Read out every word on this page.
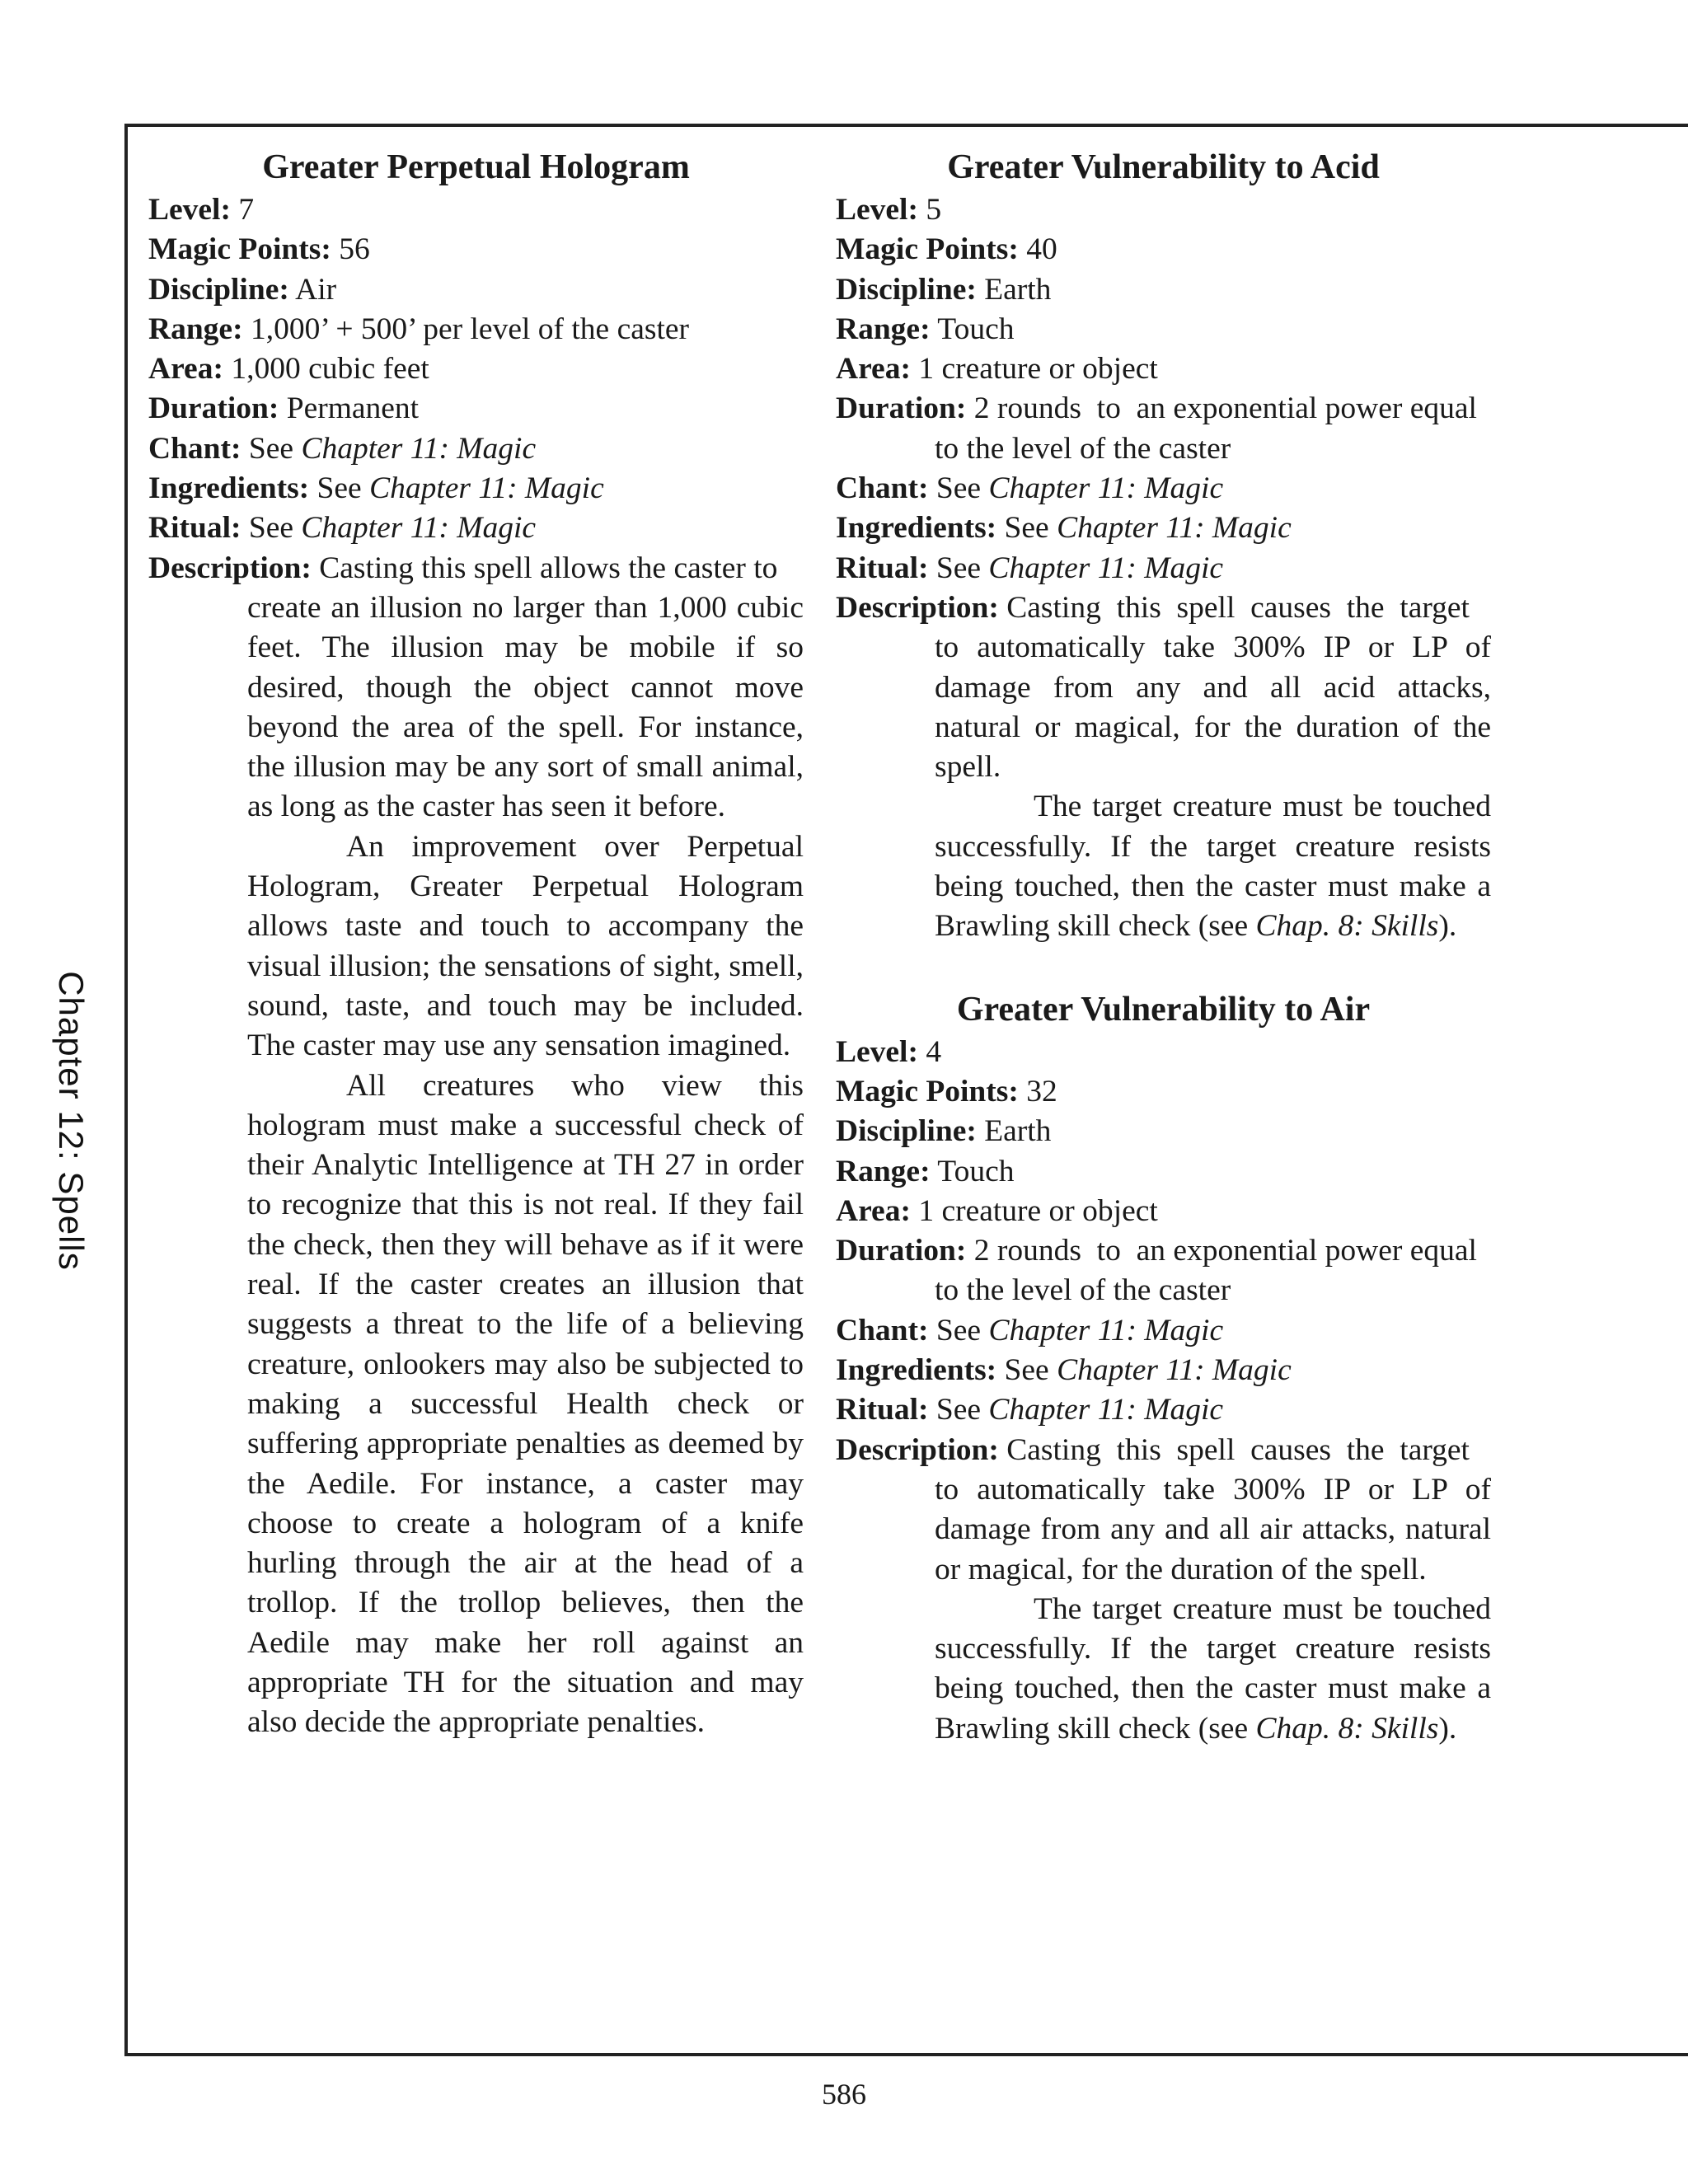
Chapter 12: Spells
Greater Perpetual Hologram

Level: 7

Magic Points: 56

Discipline: Air

Range: 1,000’ + 500’ per level of the caster

Area: 1,000 cubic feet

Duration: Permanent

Chant: See Chapter 11: Magic

Ingredients: See Chapter 11: Magic

Ritual: See Chapter 11: Magic

Description: Casting this spell allows the caster to

create an illusion no larger than 1,000 cubic feet. The illusion may be mobile if so desired, though the object cannot move beyond the area of the spell. For instance, the illusion may be any sort of small animal, as long as the caster has seen it before.

An improvement over Perpetual Hologram, Greater Perpetual Hologram allows taste and touch to accompany the visual illusion; the sensations of sight, smell, sound, taste, and touch may be included. The caster may use any sensation imagined.

All creatures who view this hologram must make a successful check of their Analytic Intelligence at TH 27 in order to recognize that this is not real. If they fail the check, then they will behave as if it were real. If the caster creates an illusion that suggests a threat to the life of a believing creature, onlookers may also be subjected to making a successful Health check or suffering appropriate penalties as deemed by the Aedile. For instance, a caster may choose to create a hologram of a knife hurling through the air at the head of a trollop. If the trollop believes, then the Aedile may make her roll against an appropriate TH for the situation and may also decide the appropriate penalties.

Greater Vulnerability to Acid

Level: 5

Magic Points: 40

Discipline: Earth

Range: Touch

Area: 1 creature or object

Duration: 2 rounds  to  an exponential power equal

to the level of the caster

Chant: See Chapter 11: Magic

Ingredients: See Chapter 11: Magic

Ritual: See Chapter 11: Magic

Description: Casting  this  spell  causes  the  target

to automatically take 300% IP or LP of damage from any and all acid attacks, natural or magical, for the duration of the spell.

The target creature must be touched successfully. If the target creature resists being touched, then the caster must make a Brawling skill check (see Chap. 8: Skills).

Greater Vulnerability to Air

Level: 4

Magic Points: 32

Discipline: Earth

Range: Touch

Area: 1 creature or object

Duration: 2 rounds  to  an exponential power equal

to the level of the caster

Chant: See Chapter 11: Magic

Ingredients: See Chapter 11: Magic

Ritual: See Chapter 11: Magic

Description: Casting  this  spell  causes  the  target

to automatically take 300% IP or LP of damage from any and all air attacks, natural or magical, for the duration of the spell.

The target creature must be touched successfully. If the target creature resists being touched, then the caster must make a Brawling skill check (see Chap. 8: Skills).

586
